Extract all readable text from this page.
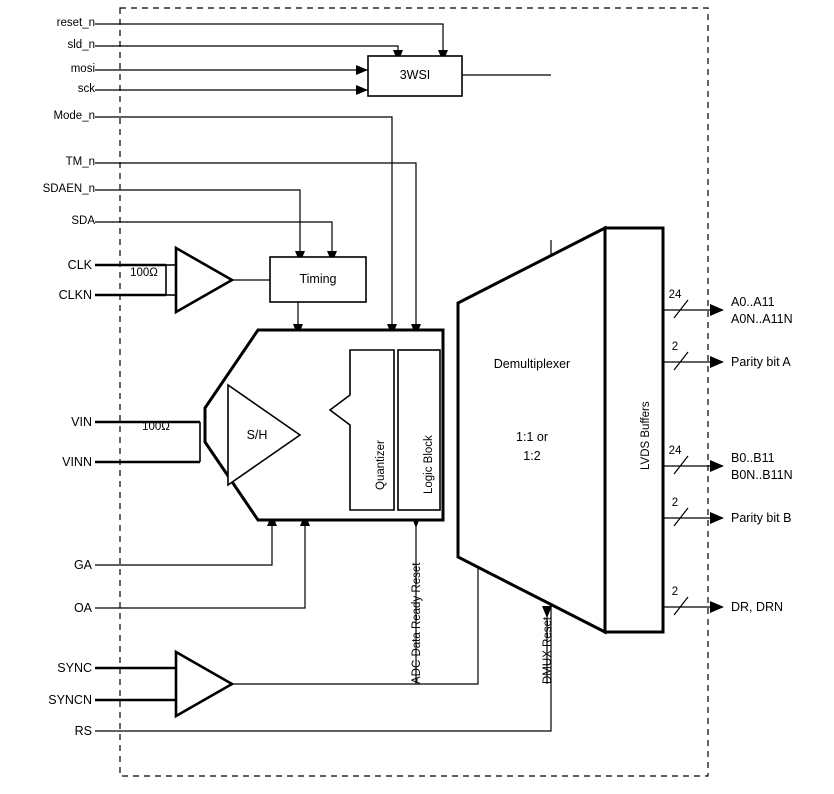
reset_n
sld_n
mosi
sck
Mode_n
TM_n
SDAEN_n
SDA
CLK
CLKN
VIN
VINN
GA
OA
SYNC
SYNCN
RS
3WSI
Timing
S/H
Quantizer	Logic Block
Demultiplexer
1:1 or
1:2	LVDS Buffers
100Ω
100Ω
ADC Data Ready Reset	DMUX Reset
24
2
24
2
2
A0..A11
A0N..A11N
Parity bit A
B0..B11
B0N..B11N
Parity bit B
DR, DRN
